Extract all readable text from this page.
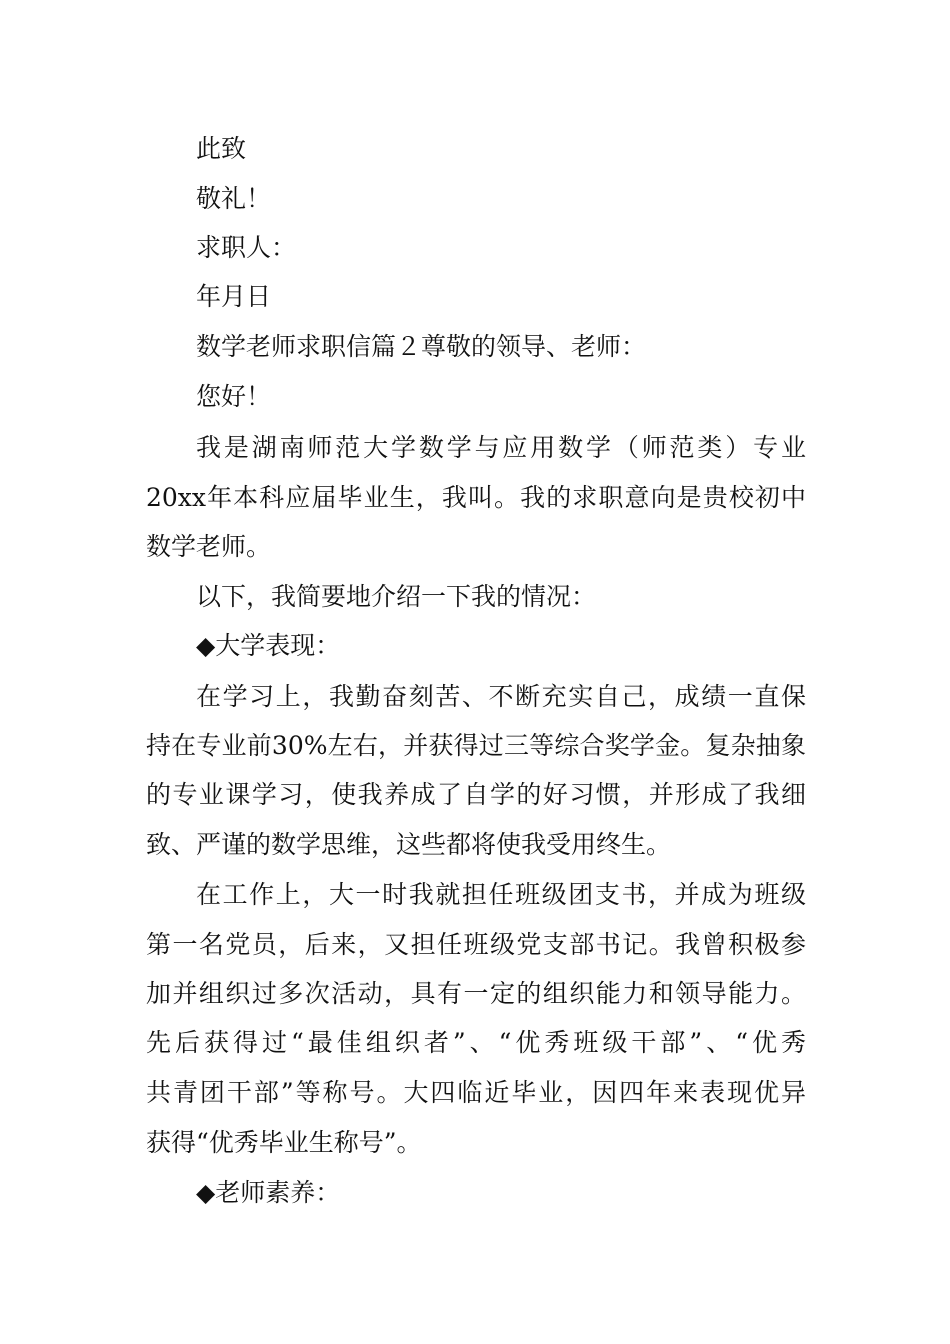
此致
敬礼！
求职人：
年月日
数学老师求职信篇２尊敬的领导、老师：
您好！
我是湖南师范大学数学与应用数学（师范类）专业
20xx年本科应届毕业生，我叫。我的求职意向是贵校初中
数学老师。
以下，我简要地介绍一下我的情况：
◆大学表现：
在学习上，我勤奋刻苦、不断充实自己，成绩一直保
持在专业前30%左右，并获得过三等综合奖学金。复杂抽象
的专业课学习，使我养成了自学的好习惯，并形成了我细
致、严谨的数学思维，这些都将使我受用终生。
在工作上，大一时我就担任班级团支书，并成为班级
第一名党员，后来，又担任班级党支部书记。我曾积极参
加并组织过多次活动，具有一定的组织能力和领导能力。
先后获得过“最佳组织者”、“优秀班级干部”、“优秀
共青团干部”等称号。大四临近毕业，因四年来表现优异
获得“优秀毕业生称号”。
◆老师素养：
